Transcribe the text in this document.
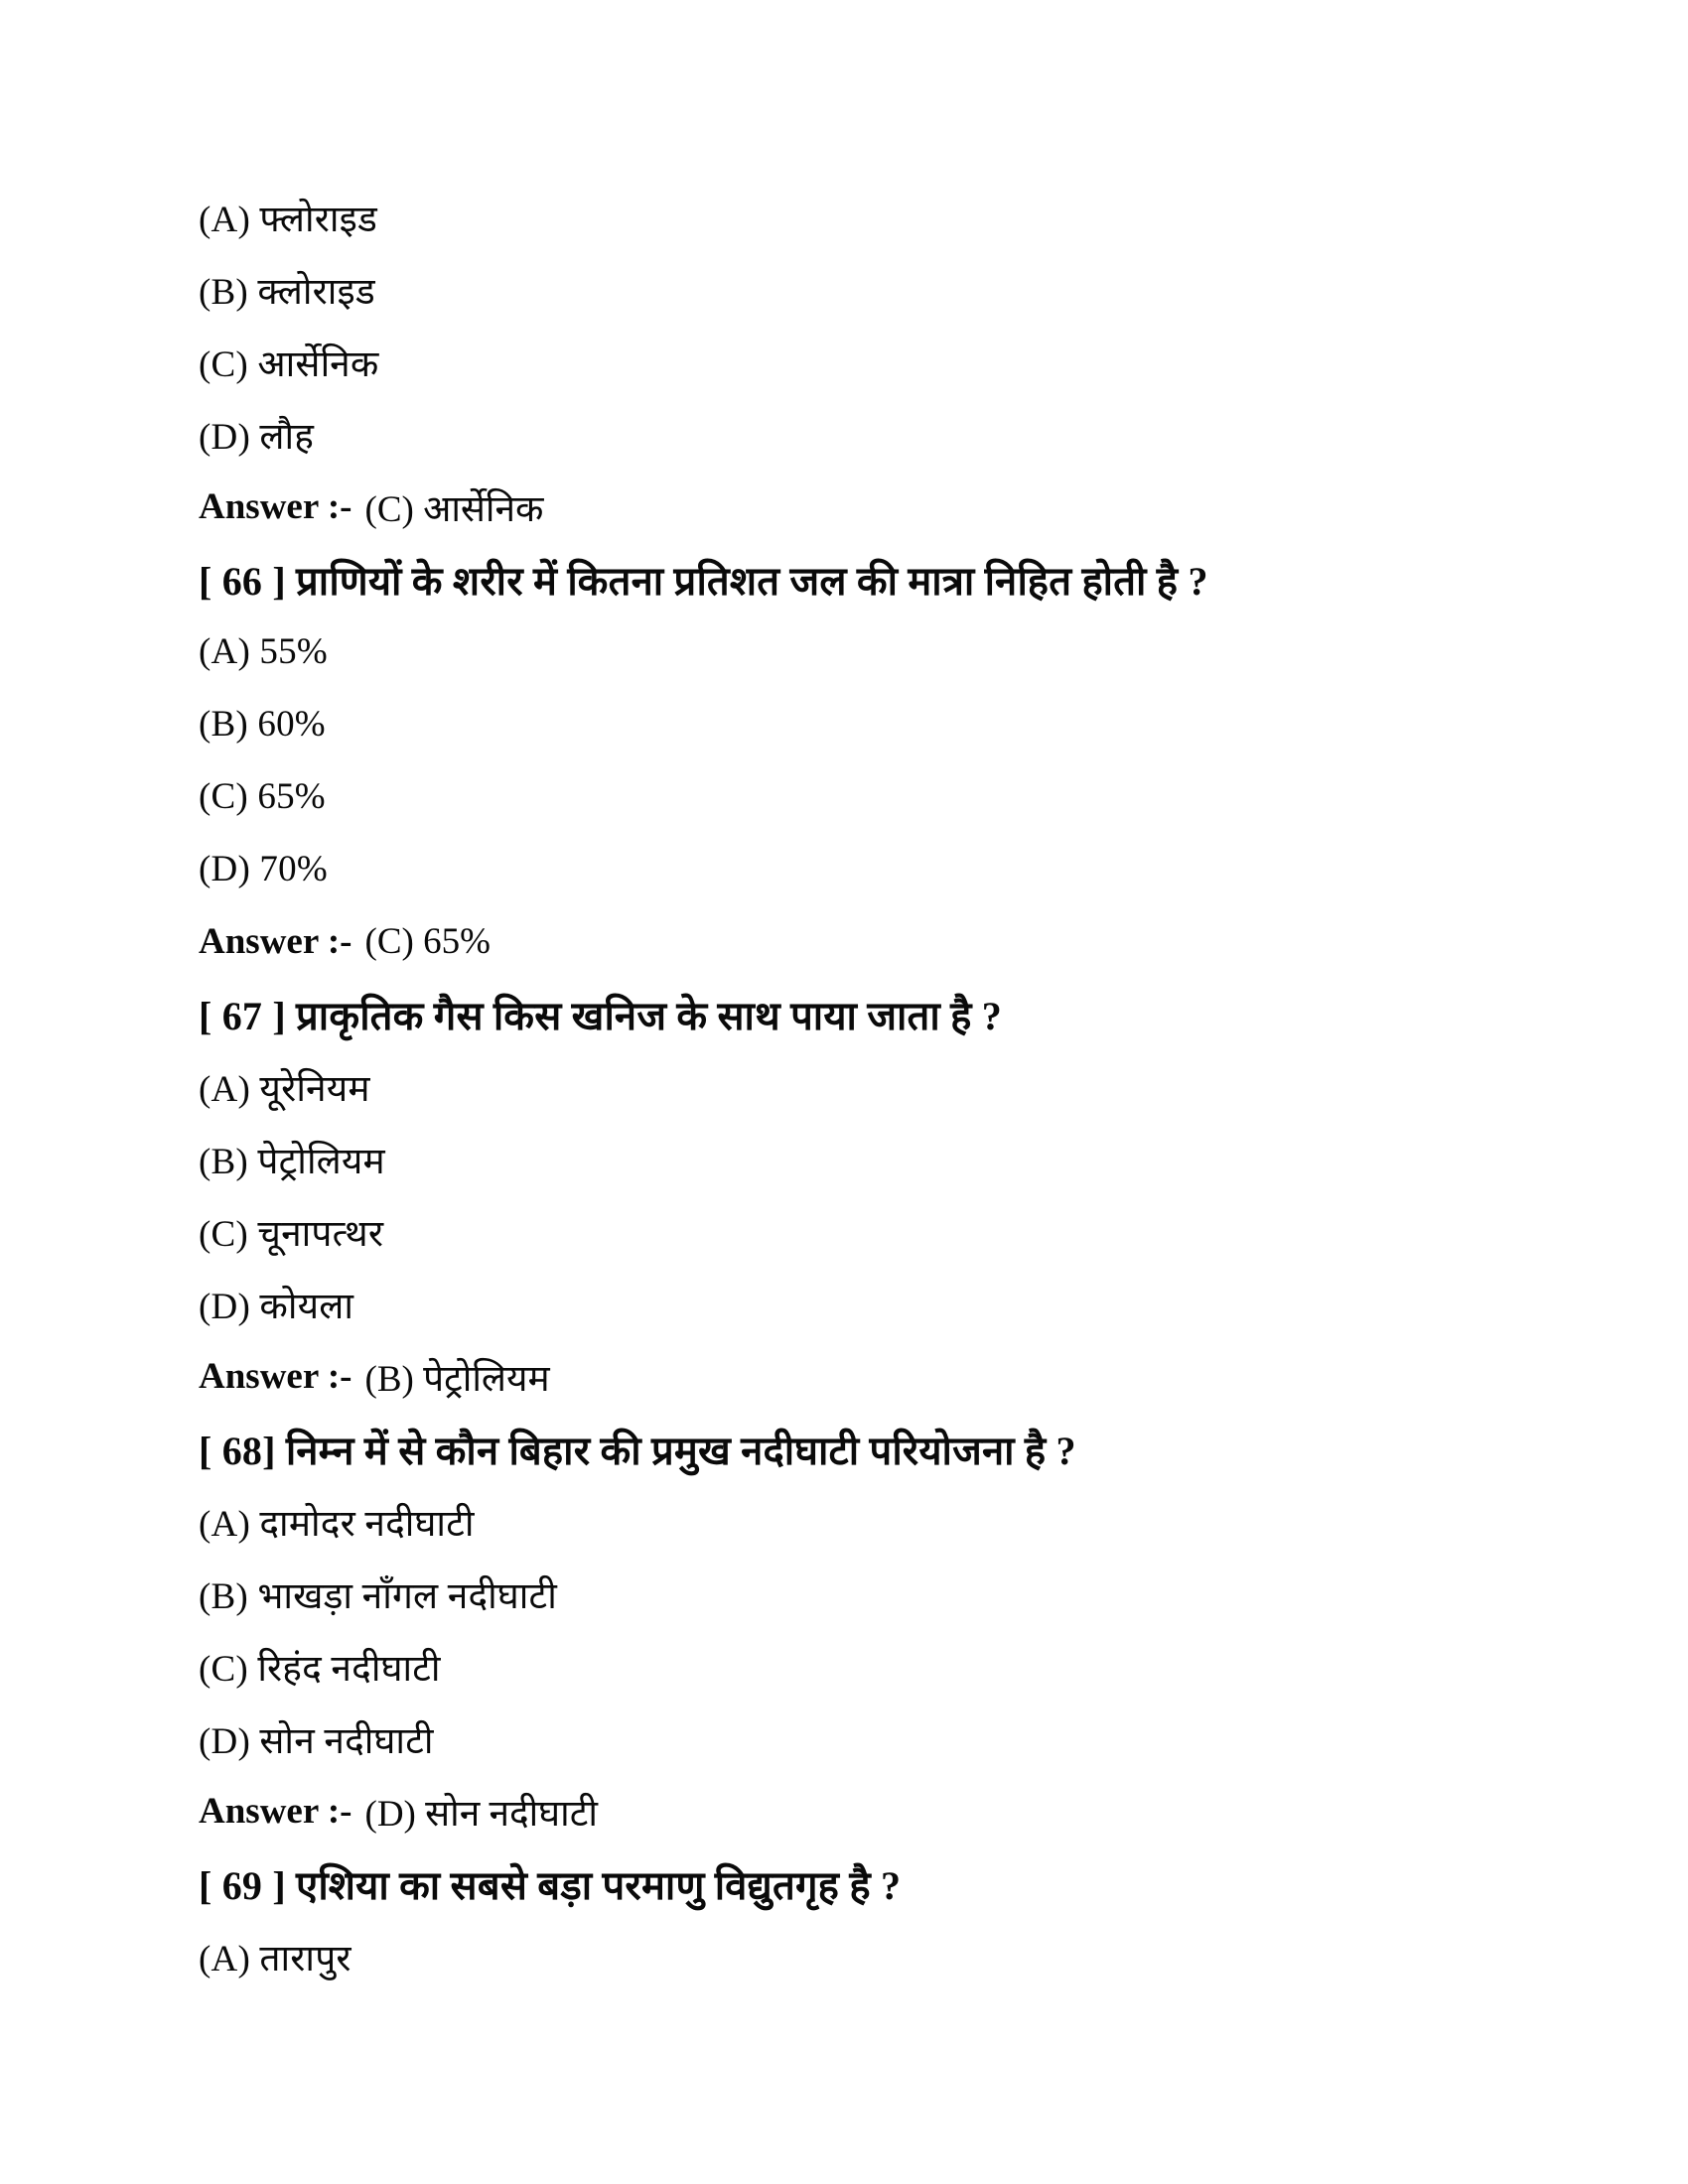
(A) फ्लोराइड

(B) क्लोराइड

(C) आर्सेनिक

(D) लौह

Answer :- (C) आर्सेनिक

[ 66 ] प्राणियों के शरीर में कितना प्रतिशत जल की मात्रा निहित होती है ?

(A) 55%

(B) 60%

(C) 65%

(D) 70%

Answer :- (C) 65%

[ 67 ] प्राकृतिक गैस किस खनिज के साथ पाया जाता है ?

(A) यूरेनियम

(B) पेट्रोलियम

(C) चूनापत्थर

(D) कोयला

Answer :- (B) पेट्रोलियम

[ 68] निम्न में से कौन बिहार की प्रमुख नदीघाटी परियोजना है ?

(A) दामोदर नदीघाटी

(B) भाखड़ा नाँगल नदीघाटी

(C) रिहंद नदीघाटी

(D) सोन नदीघाटी

Answer :- (D) सोन नदीघाटी

[ 69 ] एशिया का सबसे बड़ा परमाणु विद्युतगृह है ?

(A) तारापुर
